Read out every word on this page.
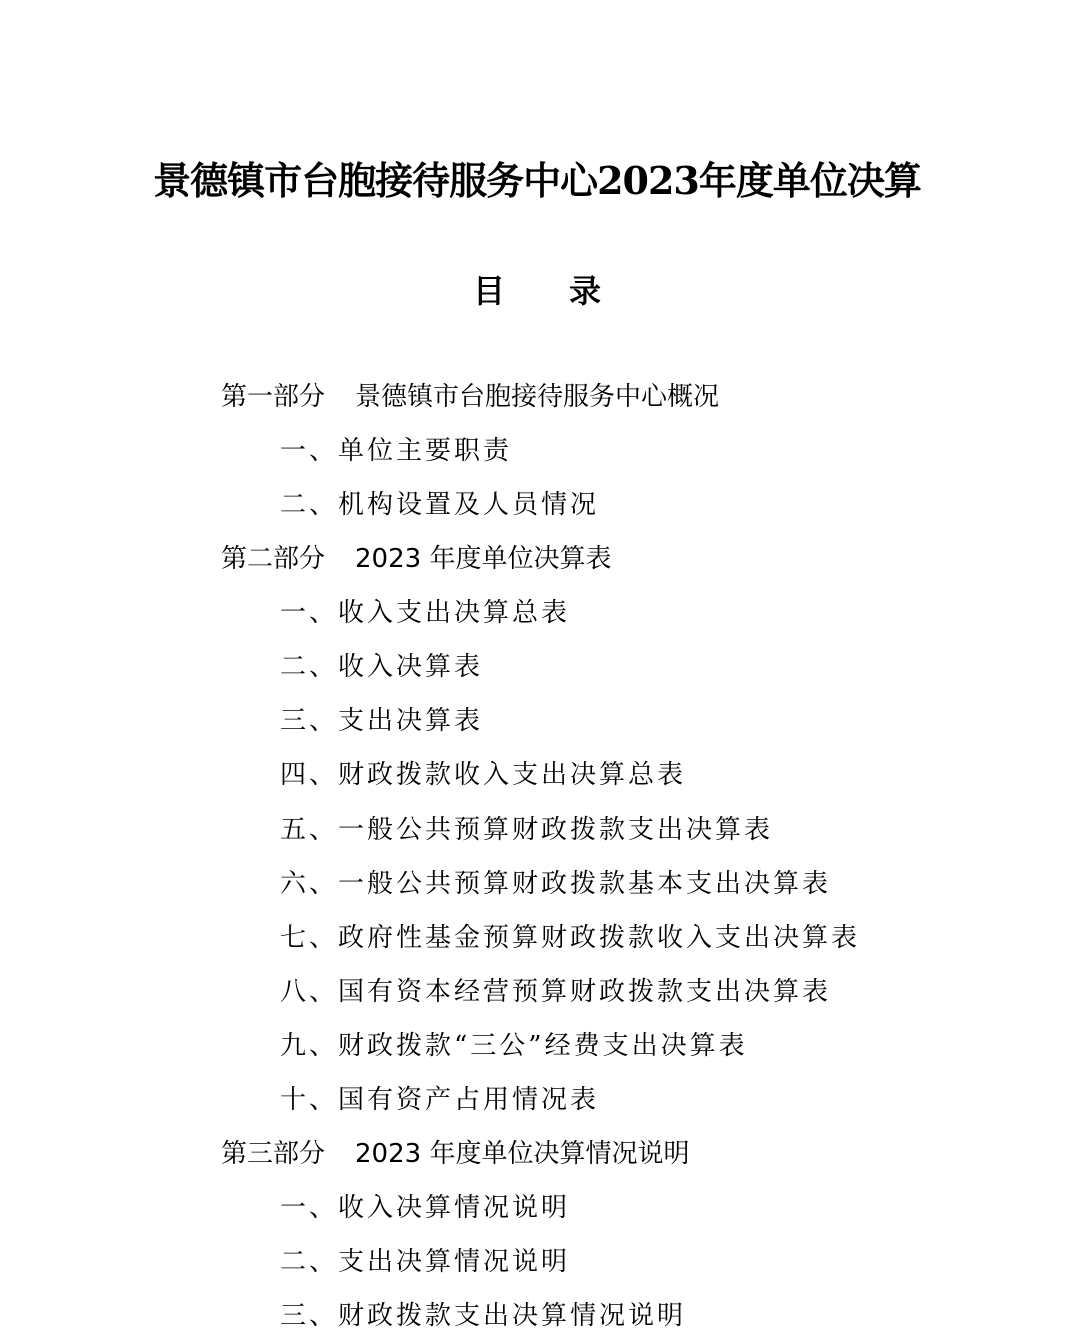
景德镇市台胞接待服务中心2023年度单位决算
目 录
第一部分 景德镇市台胞接待服务中心概况
一、单位主要职责
二、机构设置及人员情况
第二部分 2023 年度单位决算表
一、收入支出决算总表
二、收入决算表
三、支出决算表
四、财政拨款收入支出决算总表
五、一般公共预算财政拨款支出决算表
六、一般公共预算财政拨款基本支出决算表
七、政府性基金预算财政拨款收入支出决算表
八、国有资本经营预算财政拨款支出决算表
九、财政拨款“三公”经费支出决算表
十、国有资产占用情况表
第三部分 2023 年度单位决算情况说明
一、收入决算情况说明
二、支出决算情况说明
三、财政拨款支出决算情况说明
